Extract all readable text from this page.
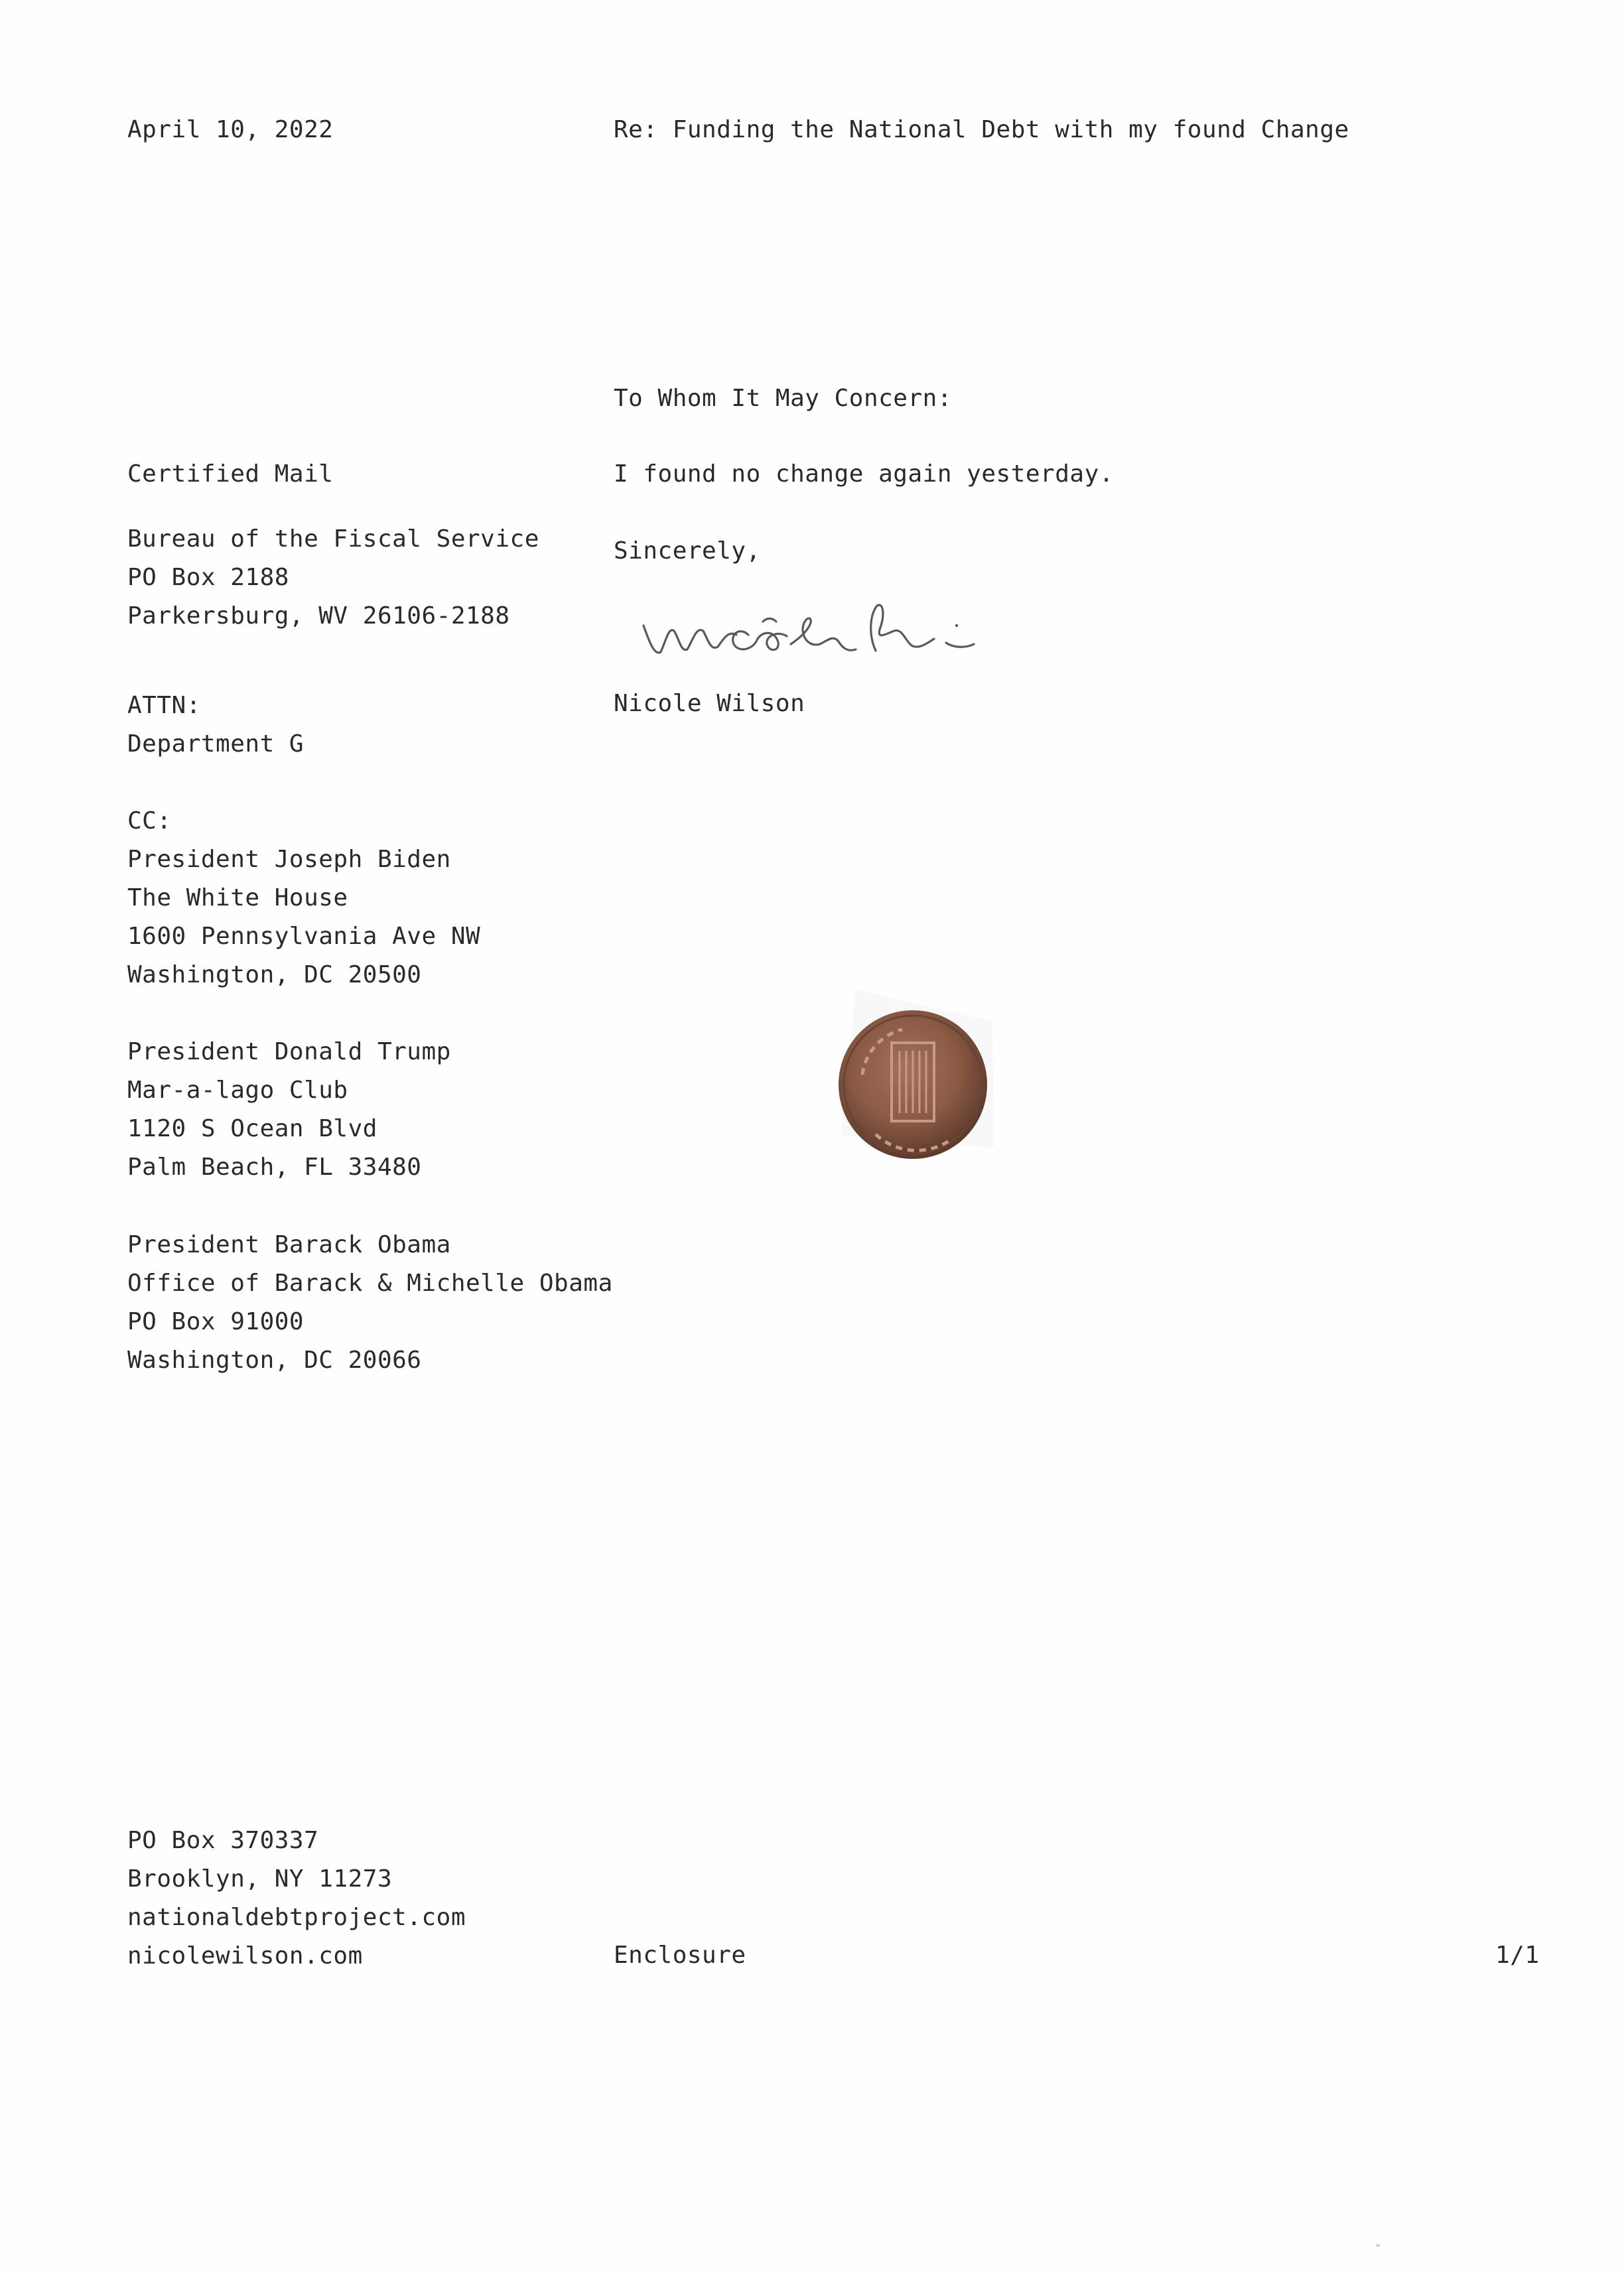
April 10, 2022	Re: Funding the National Debt with my found Change
To Whom It May Concern:
I found no change again yesterday.
Sincerely,
Nicole Wilson
Certified Mail
Bureau of the Fiscal Service
PO Box 2188
Parkersburg, WV 26106-2188
ATTN:
Department G
CC:
President Joseph Biden
The White House
1600 Pennsylvania Ave NW
Washington, DC 20500
President Donald Trump
Mar-a-lago Club
1120 S Ocean Blvd
Palm Beach, FL 33480
President Barack Obama
Office of Barack & Michelle Obama
PO Box 91000
Washington, DC 20066
PO Box 370337
Brooklyn, NY 11273
nationaldebtproject.com
nicolewilson.com	Enclosure	1/1
